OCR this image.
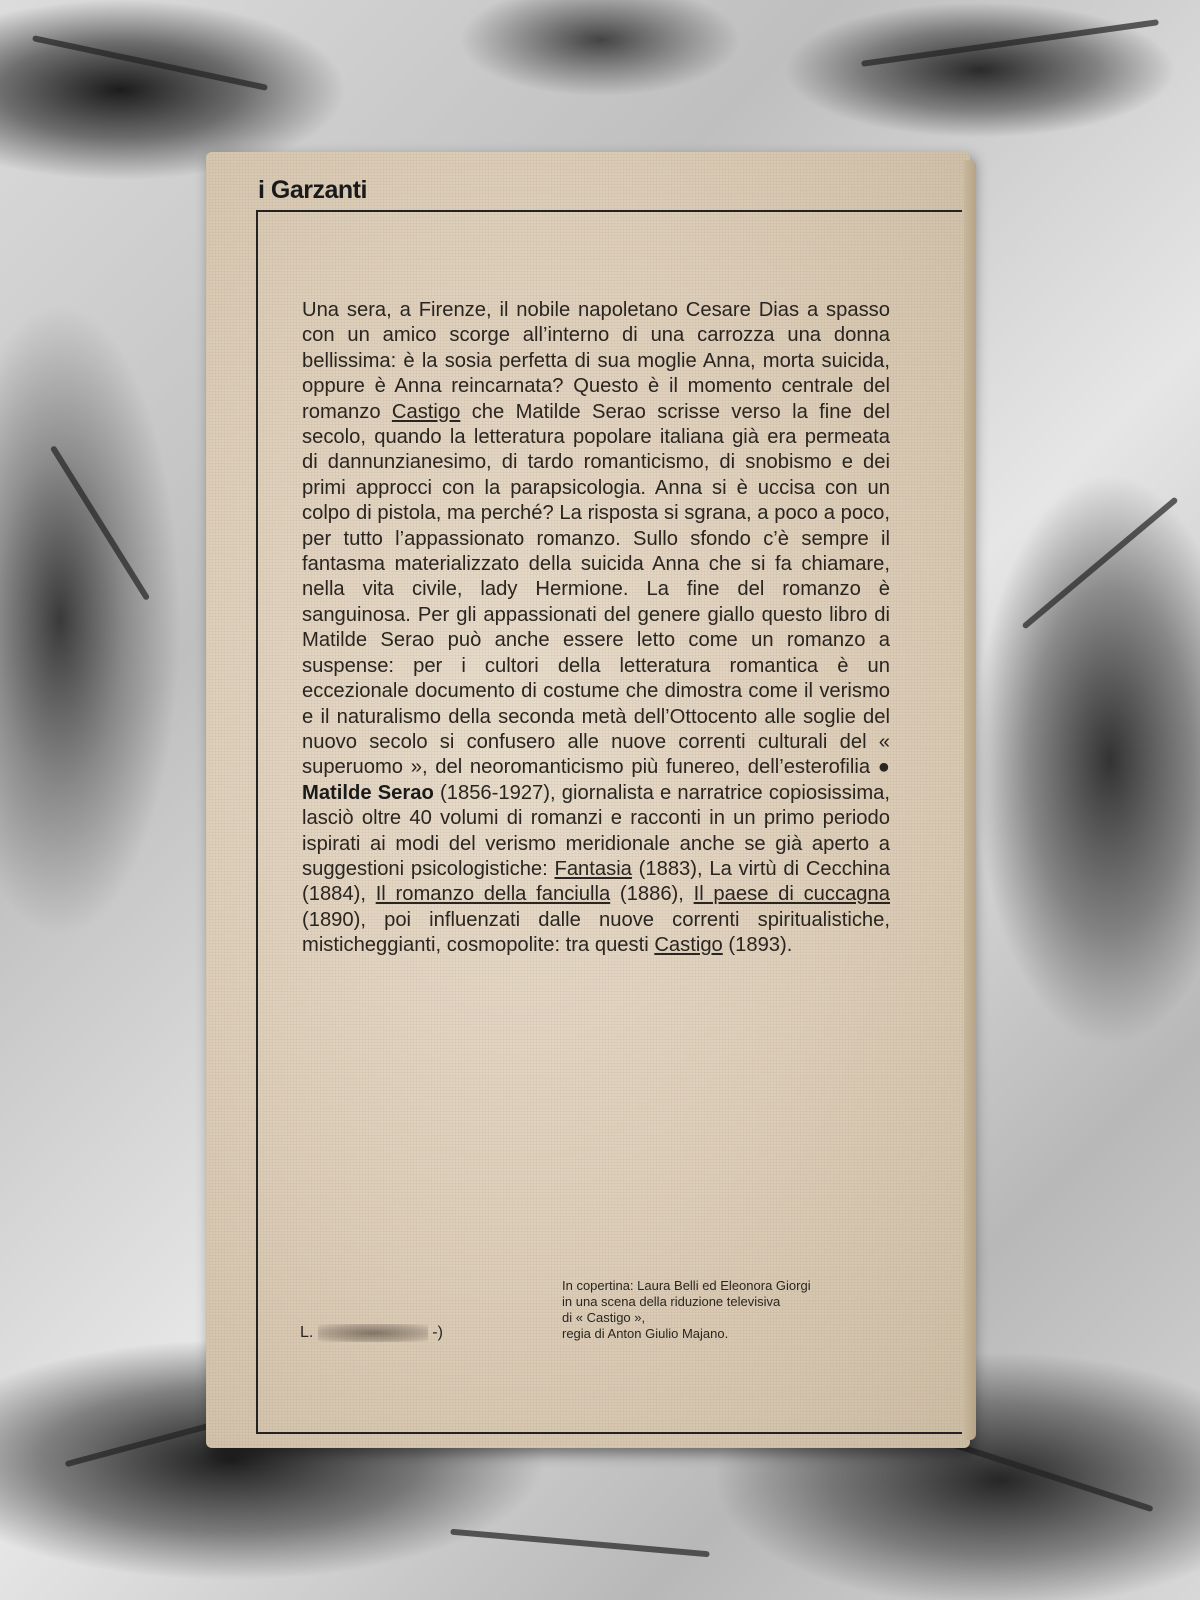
i Garzanti
Una sera, a Firenze, il nobile napoletano Cesare Dias a spasso con un amico scorge all’interno di una carrozza una donna bellissima: è la sosia perfetta di sua moglie Anna, morta suicida, oppure è Anna reincarnata? Questo è il momento centrale del romanzo Castigo che Matilde Serao scrisse verso la fine del secolo, quando la letteratura popolare italiana già era permeata di dannunzianesimo, di tardo romanticismo, di snobismo e dei primi approcci con la parapsicologia. Anna si è uccisa con un colpo di pistola, ma perché? La risposta si sgrana, a poco a poco, per tutto l’appassionato romanzo. Sullo sfondo c’è sempre il fantasma materializzato della suicida Anna che si fa chiamare, nella vita civile, lady Hermione. La fine del romanzo è sanguinosa. Per gli appassionati del genere giallo questo libro di Matilde Serao può anche essere letto come un romanzo a suspense: per i cultori della letteratura romantica è un eccezionale documento di costume che dimostra come il verismo e il naturalismo della seconda metà dell’Ottocento alle soglie del nuovo secolo si confusero alle nuove correnti culturali del « superuomo », del neoromanticismo più funereo, dell’esterofilia ● Matilde Serao (1856-1927), giornalista e narratrice copiosissima, lasciò oltre 40 volumi di romanzi e racconti in un primo periodo ispirati ai modi del verismo meridionale anche se già aperto a suggestioni psicologistiche: Fantasia (1883), La virtù di Cecchina (1884), Il romanzo della fanciulla (1886), Il paese di cuccagna (1890), poi influenzati dalle nuove correnti spiritualistiche, misticheggianti, cosmopolite: tra questi Castigo (1893).
L.	-)
In copertina: Laura Belli ed Eleonora Giorgi
in una scena della riduzione televisiva
di « Castigo »,
regia di Anton Giulio Majano.
